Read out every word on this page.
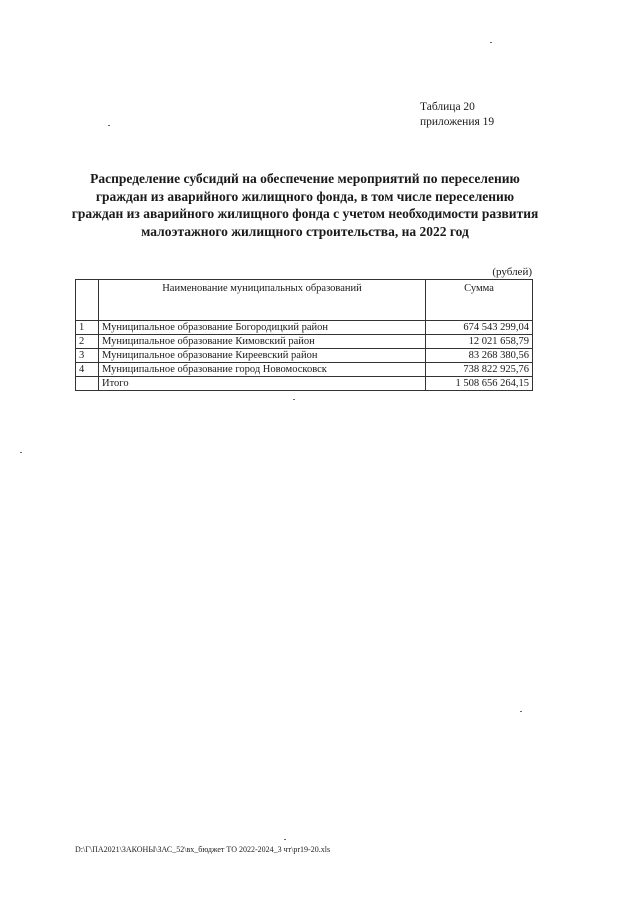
Таблица 20
приложения 19
Распределение субсидий на обеспечение мероприятий по переселению граждан из аварийного жилищного фонда, в том числе переселению граждан из аварийного жилищного фонда с учетом необходимости развития малоэтажного жилищного строительства, на 2022 год
(рублей)
	Наименование муниципальных образований	Сумма
1	Муниципальное образование Богородицкий район	674 543 299,04
2	Муниципальное образование Кимовский район	12 021 658,79
3	Муниципальное образование Киреевский район	83 268 380,56
4	Муниципальное образование город Новомосковск	738 822 925,76
	Итого	1 508 656 264,15
D:\Г\ПА2021\ЗАКОНЫ\ЗАС_52\вх_бюджет ТО 2022-2024_3 чт\pr19-20.xls
